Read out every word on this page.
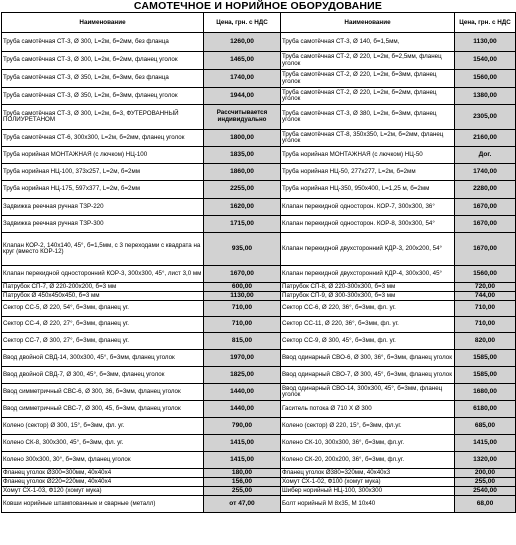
САМОТЕЧНОЕ И НОРИЙНОЕ ОБОРУДОВАНИЕ
Наименование	Цена, грн. с НДС	Наименование	Цена, грн. с НДС
Труба самотёчная СТ-3, Ø 300, L=2м, б=2мм, без фланца	1260,00	Труба самотёчная СТ-3, Ø 140, б=1,5мм,	1130,00
Труба самотёчная СТ-3, Ø 300, L=2м, б=2мм, фланец уголок	1465,00	Труба самотёчная СТ-2, Ø 220, L=2м, б=2,5мм, фланец уголок	1540,00
Труба самотёчная СТ-3, Ø 350, L=2м, б=3мм, без фланца	1740,00	Труба самотёчная СТ-2, Ø 220, L=2м, б=3мм, фланец уголок	1560,00
Труба самотёчная СТ-3, Ø 350, L=2м, б=3мм, фланец уголок	1944,00	Труба самотёчная СТ-2, Ø 220, L=2м, б=2мм, фланец уголок	1380,00
Труба самотёчная СТ-3, Ø 300, L=2м, б=3, ФУТЕРОВАННЫЙ ПОЛИУРЕТАНОМ	Рассчитывается индивидуально	Труба самотёчная СТ-3, Ø 380, L=2м, б=3мм, фланец уголок	2305,00
Труба самотёчная СТ-6, 300х300, L=2м, б=2мм, фланец уголок	1800,00	Труба самотёчная СТ-8, 350х350, L=2м, б=2мм, фланец уголок	2160,00
Труба норийная МОНТАЖНАЯ (с лючком) НЦ-100	1835,00	Труба норийная МОНТАЖНАЯ (с лючком) НЦ-50	Дог.
Труба норийная НЦ-100, 373х257, L=2м, б=2мм	1860,00	Труба норийная НЦ-50, 277х277, L=2м, б=2мм	1740,00
Труба норийная НЦ-175, 597х377, L=2м, б=2мм	2255,00	Труба норийная НЦ-350, 950х400, L=1,25 м, б=2мм	2280,00
Задвижка реечная ручная ТЗР-220	1620,00	Клапан перекидной односторон. КОР-7, 300х300, 36°	1670,00
Задвижка реечная ручная ТЗР-300	1715,00	Клапан перекидной односторон. КОР-8, 300х300, 54°	1670,00
Клапан КОР-2, 140х140, 45°, б=1,5мм, с 3 переходами с квадрата на круг (вместо КОР-12)	935,00	Клапан перекидной двухсторонний КДР-3, 200х200, 54°	1670,00
Клапан перекидной односторонний КОР-3, 300х300, 45°, лист 3,0 мм	1670,00	Клапан перекидной двухсторонний КДР-4, 300х300, 45°	1560,00
Патрубок СП-7, Ø 220-200х200, б=3 мм	600,00	Патрубок СП-8, Ø 220-300х300, б=3 мм	720,00
Патрубок Ø 450х450х450, б=3 мм	1130,00	Патрубок СП-9, Ø 300-300х300, б=3 мм	744,00
Сектор СС-5, Ø 220, 54°, б=3мм, фланец уг.	710,00	Сектор СС-6, Ø 220, 36°, б=3мм, фл. уг.	710,00
Сектор СС-4, Ø 220, 27°, б=3мм, фланец уг.	710,00	Сектор СС-11, Ø 220, 36°, б=3мм, фл. уг.	710,00
Сектор СС-7, Ø 300, 27°, б=3мм, фланец уг.	815,00	Сектор СС-9, Ø 300, 45°, б=3мм, фл. уг.	820,00
Ввод двойной СВД-14, 300х300, 45°, б=3мм, фланец уголок	1970,00	Ввод одинарный СВО-6, Ø 300, 36°, б=3мм, фланец уголок	1585,00
Ввод двойной СВД-7, Ø 300, 45°, б=3мм, фланец уголок	1825,00	Ввод одинарный СВО-7, Ø 300, 45°, б=3мм, фланец уголок	1585,00
Ввод симметричный СВС-6, Ø 300, 36, б=3мм, фланец уголок	1440,00	Ввод одинарный СВО-14, 300х300, 45°, б=3мм, фланец уголок	1680,00
Ввод симметричный СВС-7, Ø 300, 45, б=3мм, фланец уголок	1440,00	Гаситель потока Ø 710 Х Ø 300	6180,00
Колено (сектор) Ø 300, 15°, б=3мм, фл. уг.	790,00	Колено (сектор) Ø 220, 15°, б=3мм, фл.уг.	685,00
Колено СК-8, 300х300, 45°, б=3мм, фл. уг.	1415,00	Колено СК-10, 300х300, 36°, б=3мм, фл.уг.	1415,00
Колено 300х300, 30°, б=3мм, фланец уголок	1415,00	Колено СК-20, 200х200, 36°, б=3мм, фл.уг.	1320,00
Фланец уголок Ø300=300мм, 40х40х4	180,00	Фланец уголок Ø380=320мм, 40х40х3	200,00
Фланец уголок Ø220=220мм, 40х40х4	156,00	Хомут СХ-1-02, Ф100 (хомут мука)	255,00
Хомут СХ-1-03, Ф120 (хомут мука)	255,00	Шибер норийный НЦ-100, 300х300	2540,00
Ковши норийные штампованные и сварные (металл)	от 47,00	Болт норийный М 8х35, М 10х40	68,00
